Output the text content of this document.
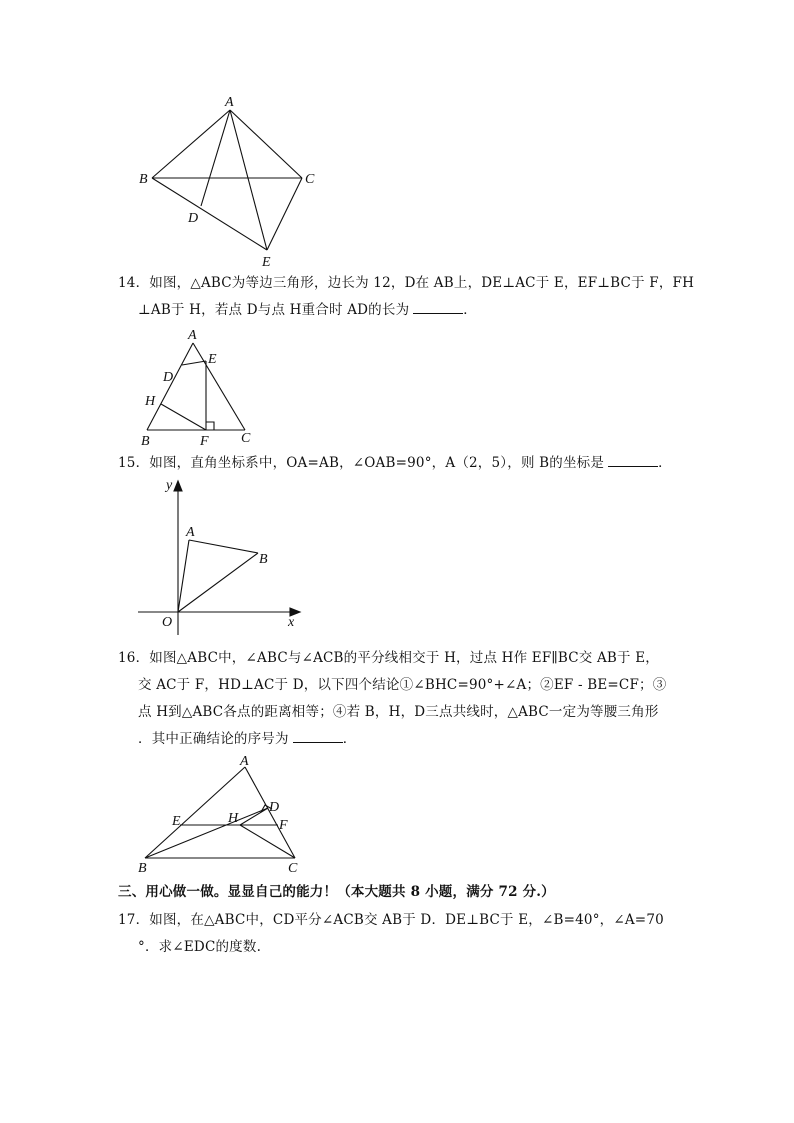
A
B	C
D
E
14．如图，△ABC为等边三角形，边长为 12，D在 AB上，DE⊥AC于 E，EF⊥BC于 F，FH
⊥AB于 H，若点 D与点 H重合时 AD的长为	．
A
E
D
H
B	F C
15．如图，直角坐标系中，OA=AB，∠OAB=90°，A（2，5），则 B的坐标是	．
y
A
B
O	x
16．如图△ABC中，∠ABC与∠ACB的平分线相交于 H，过点 H作 EF∥BC交 AB于 E，
交 AC于 F，HD⊥AC于 D，以下四个结论①∠BHC=90°+∠A；②EF - BE=CF；③
点 H到△ABC各点的距离相等；④若 B，H，D三点共线时，△ABC一定为等腰三角形
．其中正确结论的序号为	．
A
D
E	H	F
B	C
三、用心做一做。显显自己的能力！（本大题共 8 小题，满分 72 分.）
17．如图，在△ABC中，CD平分∠ACB交 AB于 D．DE⊥BC于 E，∠B=40°，∠A=70
°．求∠EDC的度数.
